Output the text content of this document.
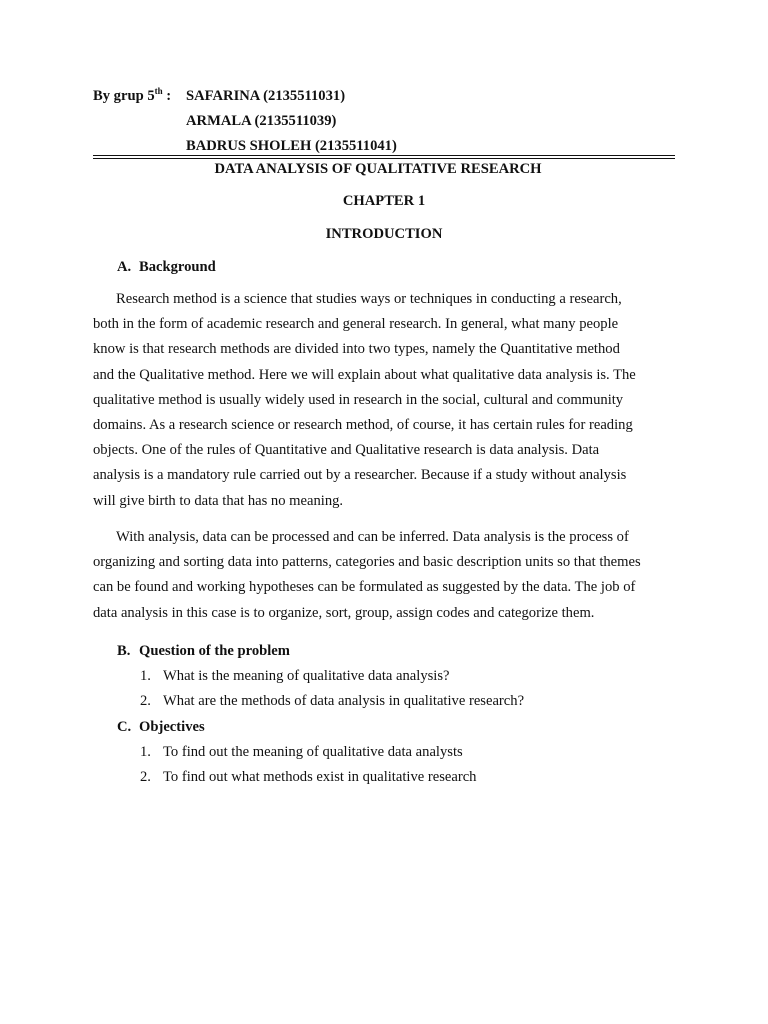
By grup 5th : SAFARINA (2135511031)
ARMALA (2135511039)
BADRUS SHOLEH (2135511041)
DATA ANALYSIS OF QUALITATIVE RESEARCH
CHAPTER 1
INTRODUCTION
A. Background
Research method is a science that studies ways or techniques in conducting a research,
both in the form of academic research and general research. In general, what many people
know is that research methods are divided into two types, namely the Quantitative method
and the Qualitative method. Here we will explain about what qualitative data analysis is. The
qualitative method is usually widely used in research in the social, cultural and community
domains. As a research science or research method, of course, it has certain rules for reading
objects. One of the rules of Quantitative and Qualitative research is data analysis. Data
analysis is a mandatory rule carried out by a researcher. Because if a study without analysis
will give birth to data that has no meaning.
With analysis, data can be processed and can be inferred. Data analysis is the process of
organizing and sorting data into patterns, categories and basic description units so that themes
can be found and working hypotheses can be formulated as suggested by the data. The job of
data analysis in this case is to organize, sort, group, assign codes and categorize them.
B. Question of the problem
1. What is the meaning of qualitative data analysis?
2. What are the methods of data analysis in qualitative research?
C. Objectives
1. To find out the meaning of qualitative data analysts
2. To find out what methods exist in qualitative research
